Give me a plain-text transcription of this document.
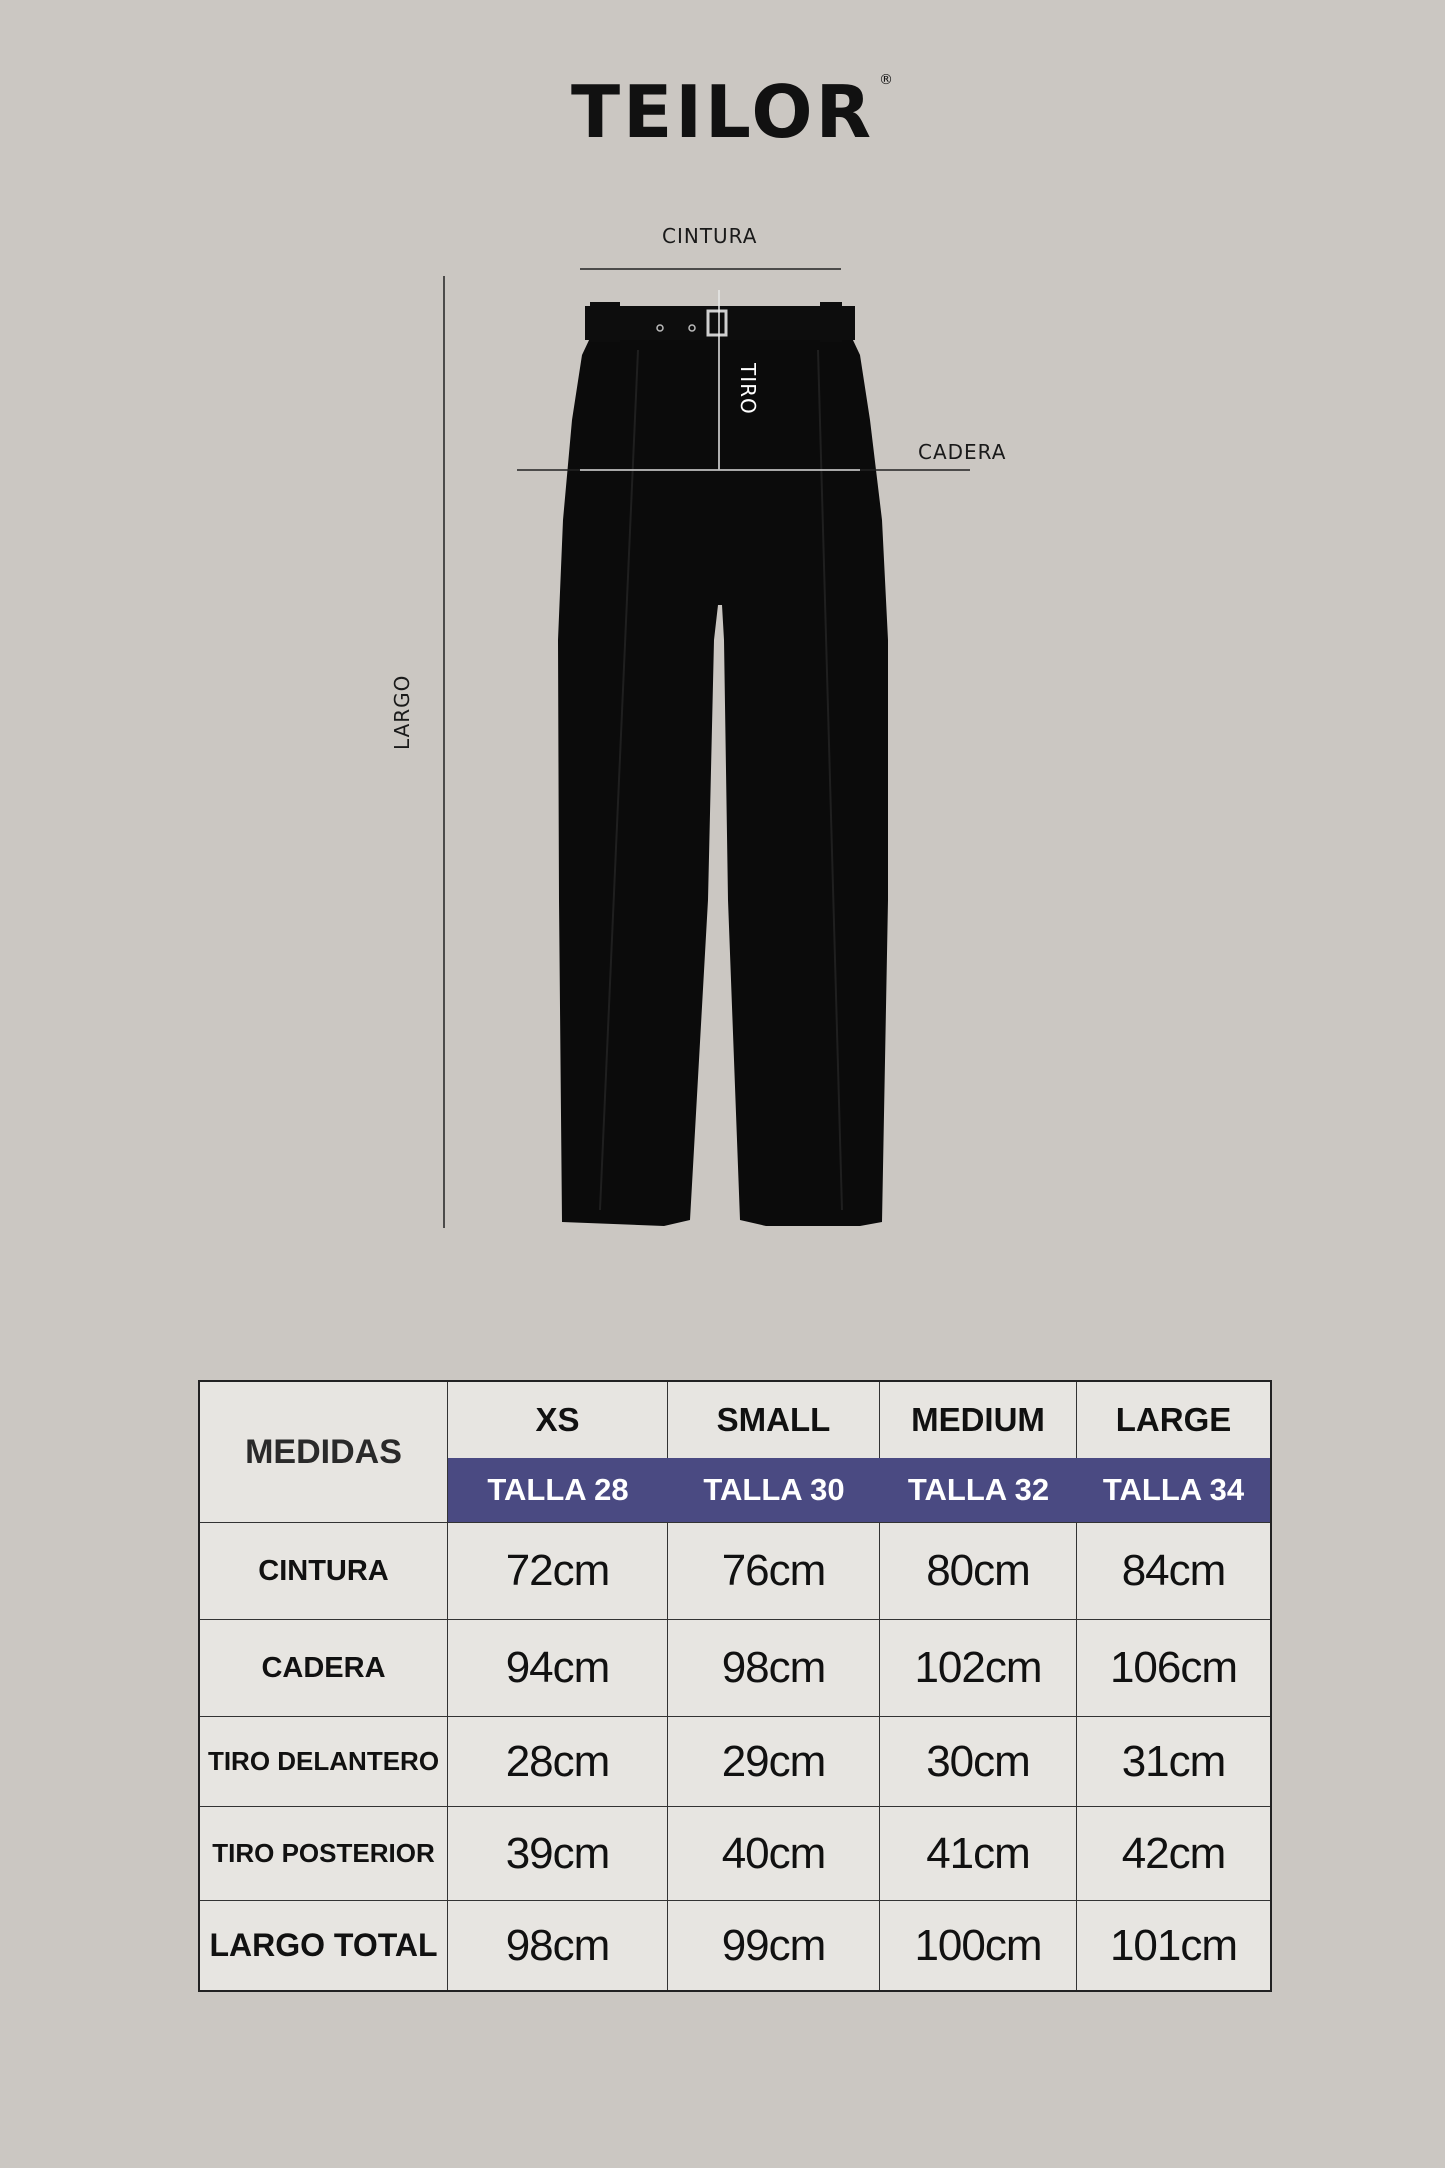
TEILOR ®
CINTURA
CADERA
LARGO
TIRO
MEDIDAS
XS	SMALL	MEDIUM	LARGE
TALLA 28	TALLA 30	TALLA 32	TALLA 34
CINTURA	72cm	76cm	80cm	84cm
CADERA	94cm	98cm	102cm	106cm
TIRO DELANTERO	28cm	29cm	30cm	31cm
TIRO POSTERIOR	39cm	40cm	41cm	42cm
LARGO TOTAL	98cm	99cm	100cm	101cm
